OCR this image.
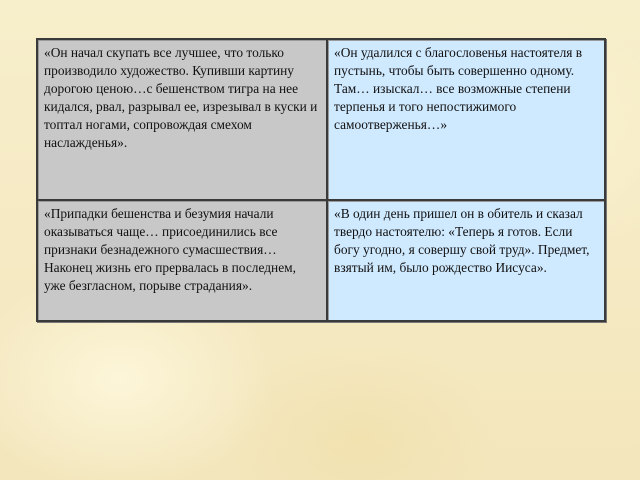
«Он начал скупать все лучшее, что только производило художество. Купивши картину дорогою ценою…с бешенством тигра на нее кидался, рвал, разрывал ее, изрезывал в куски и топтал ногами, сопровождая смехом наслажденья».	«Он удалился с благословенья настоятеля в пустынь, чтобы быть совершенно одному. Там… изыскал… все возможные степени терпенья и того непостижимого самоотверженья…»

«Припадки бешенства и безумия начали оказываться чаще… присоединились все признаки безнадежного сумасшествия… Наконец жизнь его прервалась в последнем, уже безгласном, порыве страдания».	«В один день пришел он в обитель и сказал твердо настоятелю: «Теперь я готов. Если богу угодно, я совершу свой труд». Предмет, взятый им, было рождество Иисуса».
